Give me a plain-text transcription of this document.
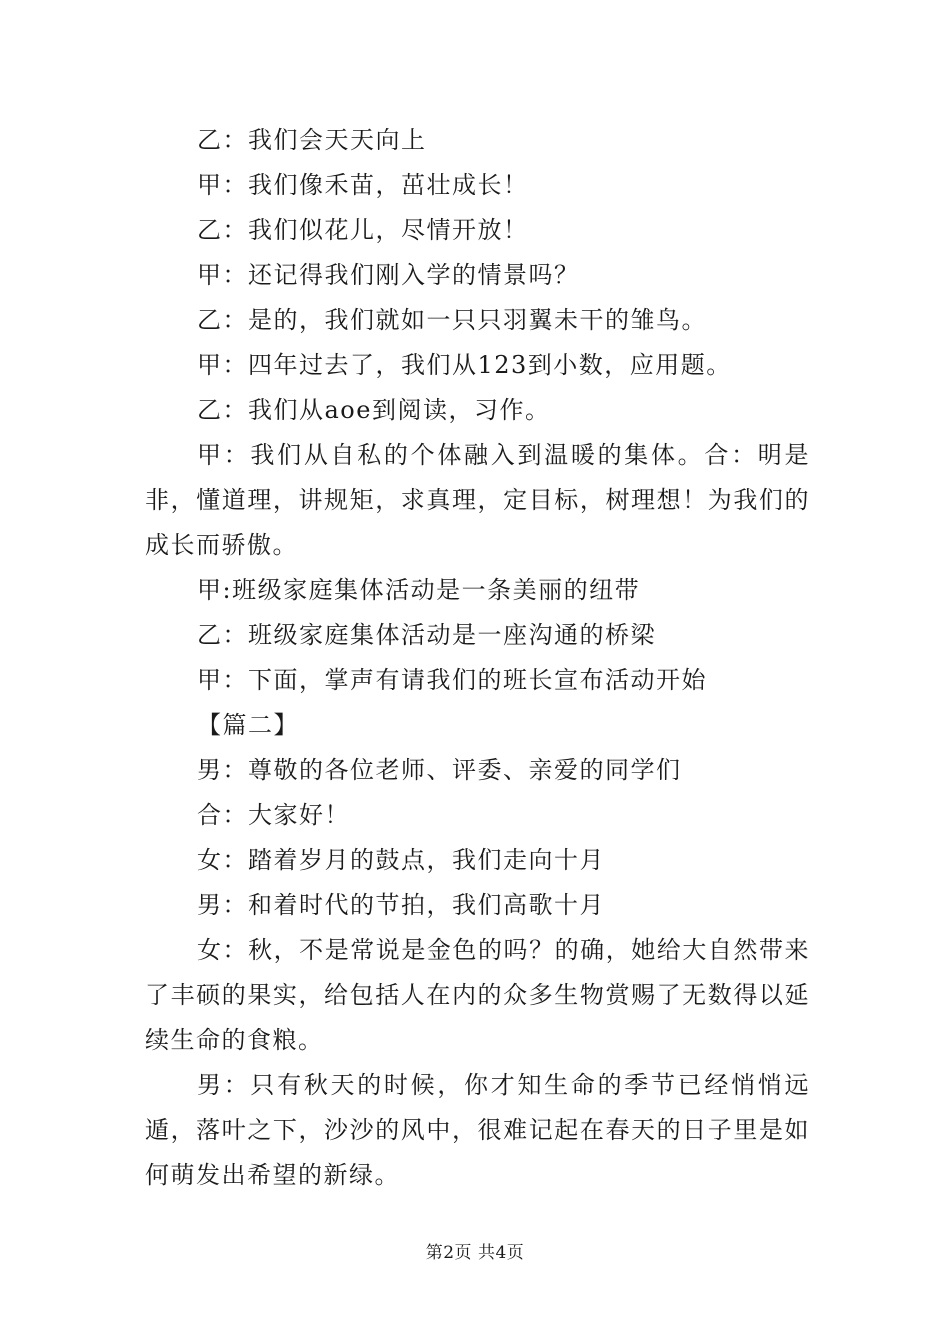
乙：我们会天天向上

甲：我们像禾苗，茁壮成长！

乙：我们似花儿，尽情开放！

甲：还记得我们刚入学的情景吗？

乙：是的，我们就如一只只羽翼未干的雏鸟。

甲：四年过去了，我们从123到小数，应用题。

乙：我们从aoe到阅读，习作。

甲：我们从自私的个体融入到温暖的集体。合：明是非，懂道理，讲规矩，求真理，定目标，树理想！为我们的成长而骄傲。

甲:班级家庭集体活动是一条美丽的纽带

乙：班级家庭集体活动是一座沟通的桥梁

甲：下面，掌声有请我们的班长宣布活动开始

【篇二】

男：尊敬的各位老师、评委、亲爱的同学们

合：大家好！

女：踏着岁月的鼓点，我们走向十月

男：和着时代的节拍，我们高歌十月

女：秋，不是常说是金色的吗？的确，她给大自然带来了丰硕的果实，给包括人在内的众多生物赏赐了无数得以延续生命的食粮。

男：只有秋天的时候，你才知生命的季节已经悄悄远遁，落叶之下，沙沙的风中，很难记起在春天的日子里是如何萌发出希望的新绿。

第2页 共4页
